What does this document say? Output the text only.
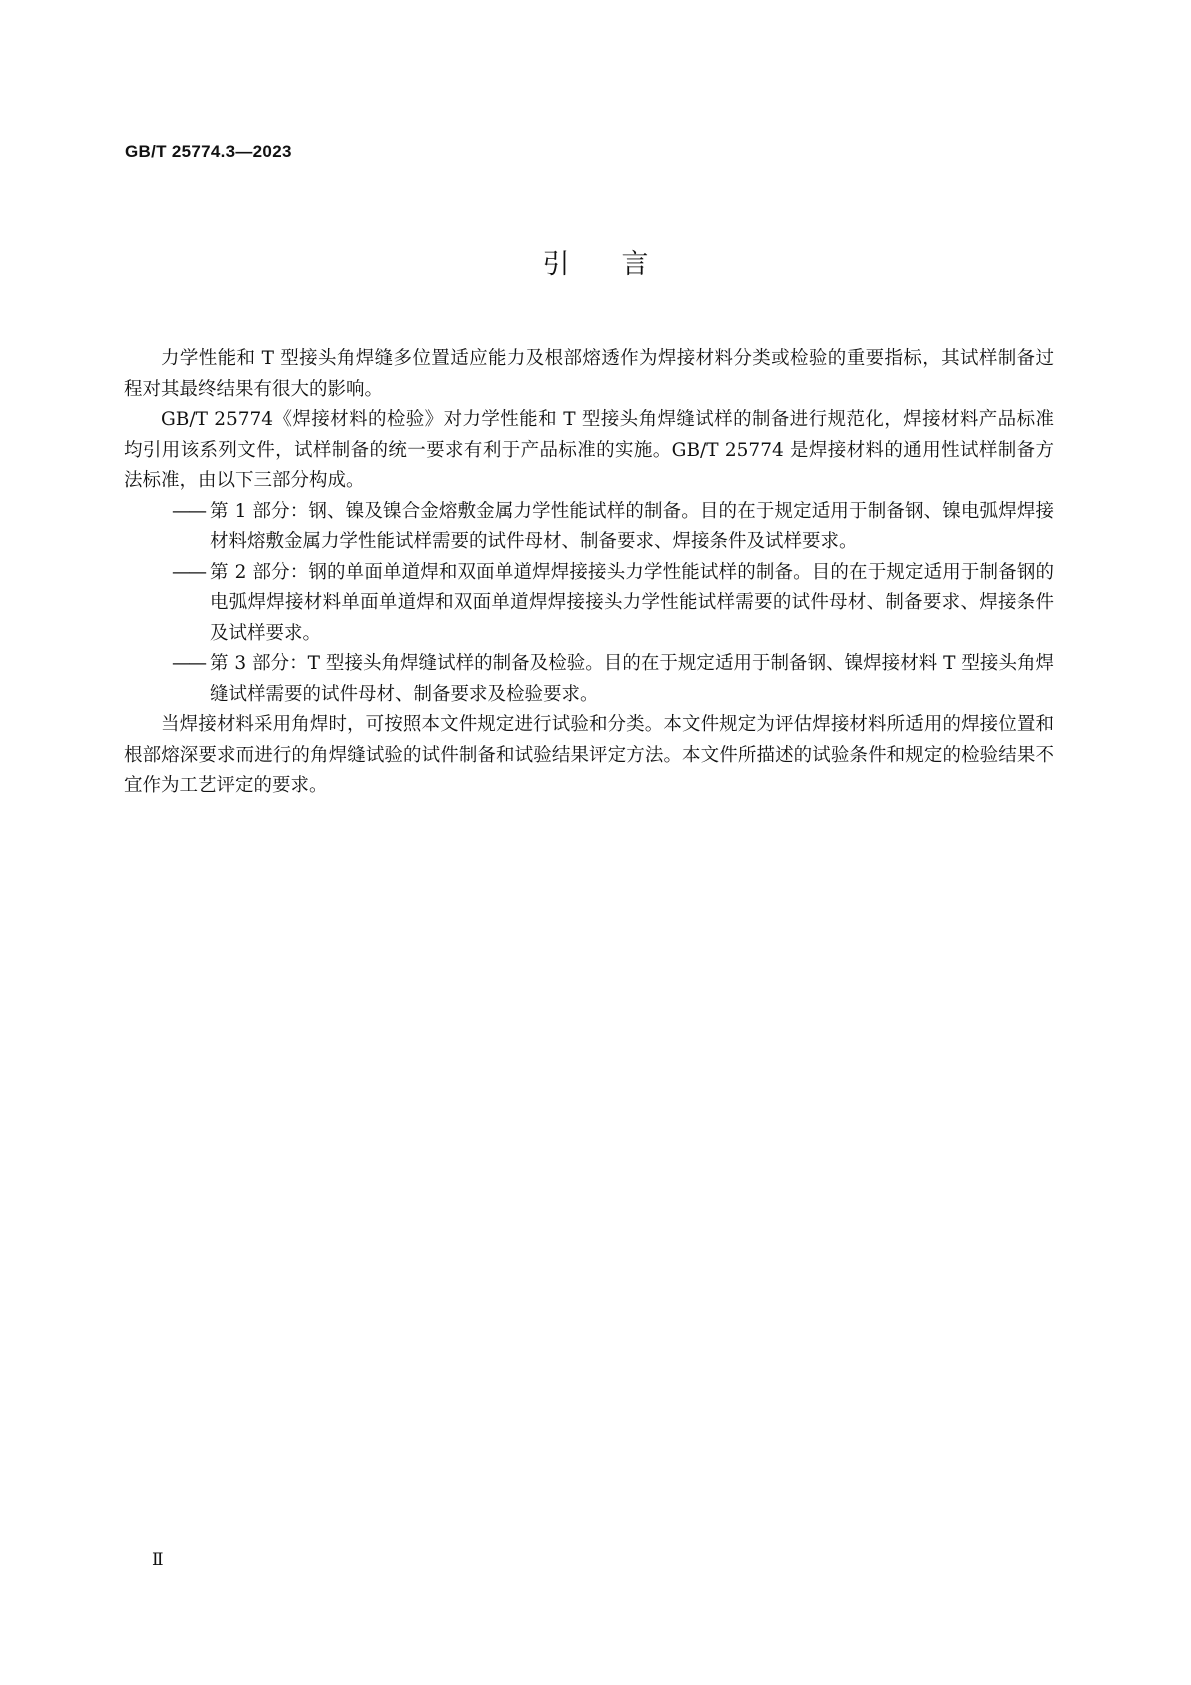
GB/T 25774.3—2023
引言

力学性能和 T 型接头角焊缝多位置适应能力及根部熔透作为焊接材料分类或检验的重要指标，其试样制备过程对其最终结果有很大的影响。

GB/T 25774《焊接材料的检验》对力学性能和 T 型接头角焊缝试样的制备进行规范化，焊接材料产品标准均引用该系列文件，试样制备的统一要求有利于产品标准的实施。GB/T 25774 是焊接材料的通用性试样制备方法标准，由以下三部分构成。

—— 第 1 部分：钢、镍及镍合金熔敷金属力学性能试样的制备。目的在于规定适用于制备钢、镍电弧焊焊接材料熔敷金属力学性能试样需要的试件母材、制备要求、焊接条件及试样要求。
—— 第 2 部分：钢的单面单道焊和双面单道焊焊接接头力学性能试样的制备。目的在于规定适用于制备钢的电弧焊焊接材料单面单道焊和双面单道焊焊接接头力学性能试样需要的试件母材、制备要求、焊接条件及试样要求。
—— 第 3 部分：T 型接头角焊缝试样的制备及检验。目的在于规定适用于制备钢、镍焊接材料 T 型接头角焊缝试样需要的试件母材、制备要求及检验要求。

当焊接材料采用角焊时，可按照本文件规定进行试验和分类。本文件规定为评估焊接材料所适用的焊接位置和根部熔深要求而进行的角焊缝试验的试件制备和试验结果评定方法。本文件所描述的试验条件和规定的检验结果不宜作为工艺评定的要求。

Ⅱ
